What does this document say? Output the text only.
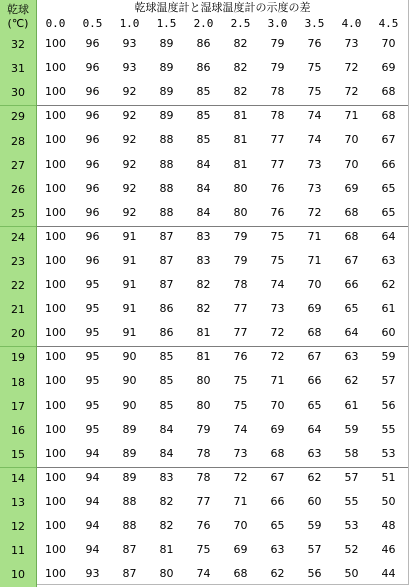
乾球
(℃)
乾球温度計と湿球温度計の示度の差
0.0	0.5	1.0	1.5	2.0	2.5	3.0	3.5	4.0	4.5
32	100	96	93	89	86	82	79	76	73	70
31	100	96	93	89	86	82	79	75	72	69
30	100	96	92	89	85	82	78	75	72	68
29	100	96	92	89	85	81	78	74	71	68
28	100	96	92	88	85	81	77	74	70	67
27	100	96	92	88	84	81	77	73	70	66
26	100	96	92	88	84	80	76	73	69	65
25	100	96	92	88	84	80	76	72	68	65
24	100	96	91	87	83	79	75	71	68	64
23	100	96	91	87	83	79	75	71	67	63
22	100	95	91	87	82	78	74	70	66	62
21	100	95	91	86	82	77	73	69	65	61
20	100	95	91	86	81	77	72	68	64	60
19	100	95	90	85	81	76	72	67	63	59
18	100	95	90	85	80	75	71	66	62	57
17	100	95	90	85	80	75	70	65	61	56
16	100	95	89	84	79	74	69	64	59	55
15	100	94	89	84	78	73	68	63	58	53
14	100	94	89	83	78	72	67	62	57	51
13	100	94	88	82	77	71	66	60	55	50
12	100	94	88	82	76	70	65	59	53	48
11	100	94	87	81	75	69	63	57	52	46
10	100	93	87	80	74	68	62	56	50	44
